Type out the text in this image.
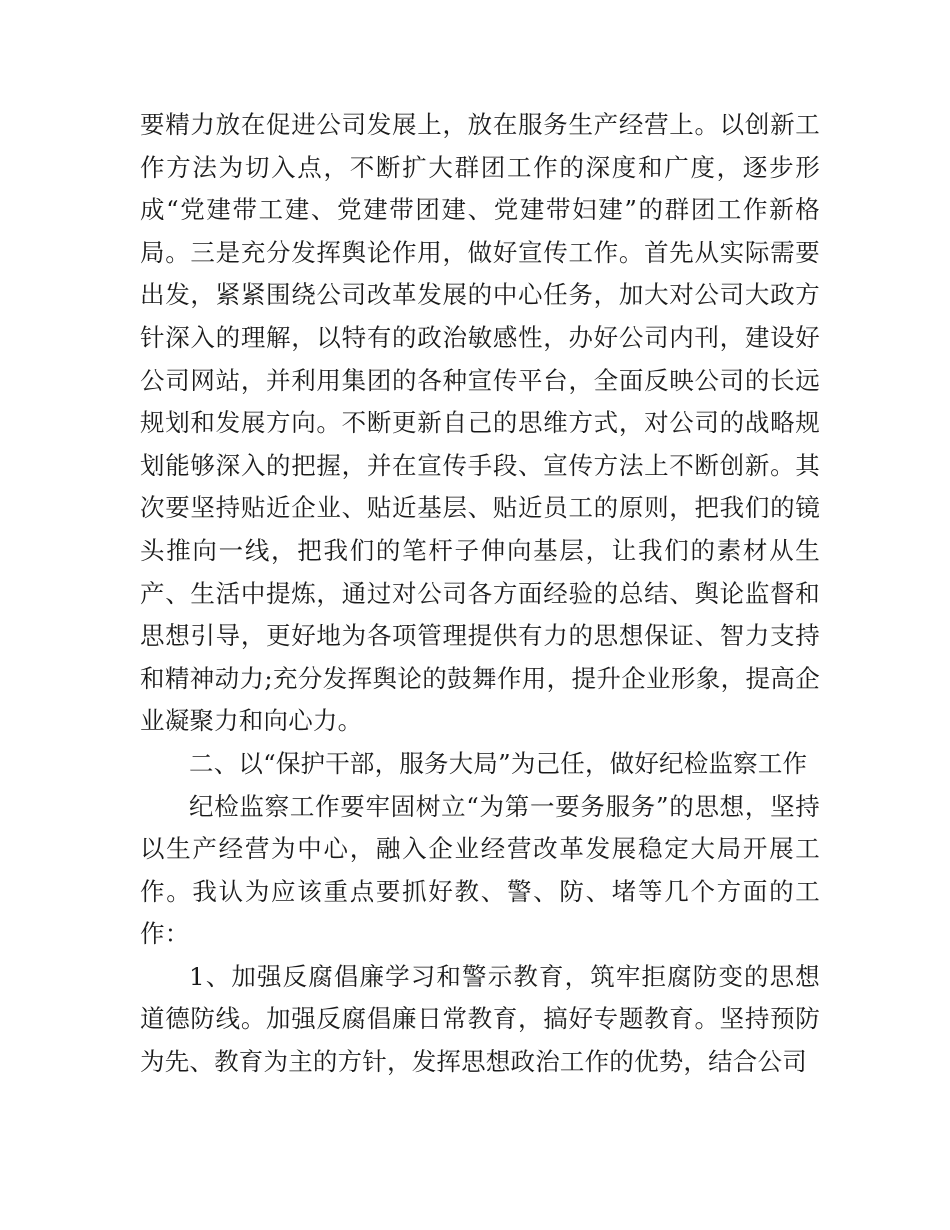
要精力放在促进公司发展上，放在服务生产经营上。以创新工作方法为切入点，不断扩大群团工作的深度和广度，逐步形成“党建带工建、党建带团建、党建带妇建”的群团工作新格局。三是充分发挥舆论作用，做好宣传工作。首先从实际需要出发，紧紧围绕公司改革发展的中心任务，加大对公司大政方针深入的理解，以特有的政治敏感性，办好公司内刊，建设好公司网站，并利用集团的各种宣传平台，全面反映公司的长远规划和发展方向。不断更新自己的思维方式，对公司的战略规划能够深入的把握，并在宣传手段、宣传方法上不断创新。其次要坚持贴近企业、贴近基层、贴近员工的原则，把我们的镜头推向一线，把我们的笔杆子伸向基层，让我们的素材从生产、生活中提炼，通过对公司各方面经验的总结、舆论监督和思想引导，更好地为各项管理提供有力的思想保证、智力支持和精神动力;充分发挥舆论的鼓舞作用，提升企业形象，提高企业凝聚力和向心力。

二、以“保护干部，服务大局”为己任，做好纪检监察工作

纪检监察工作要牢固树立“为第一要务服务”的思想，坚持以生产经营为中心，融入企业经营改革发展稳定大局开展工作。我认为应该重点要抓好教、警、防、堵等几个方面的工作：

1、加强反腐倡廉学习和警示教育，筑牢拒腐防变的思想道德防线。加强反腐倡廉日常教育，搞好专题教育。坚持预防为先、教育为主的方针，发挥思想政治工作的优势，结合公司
